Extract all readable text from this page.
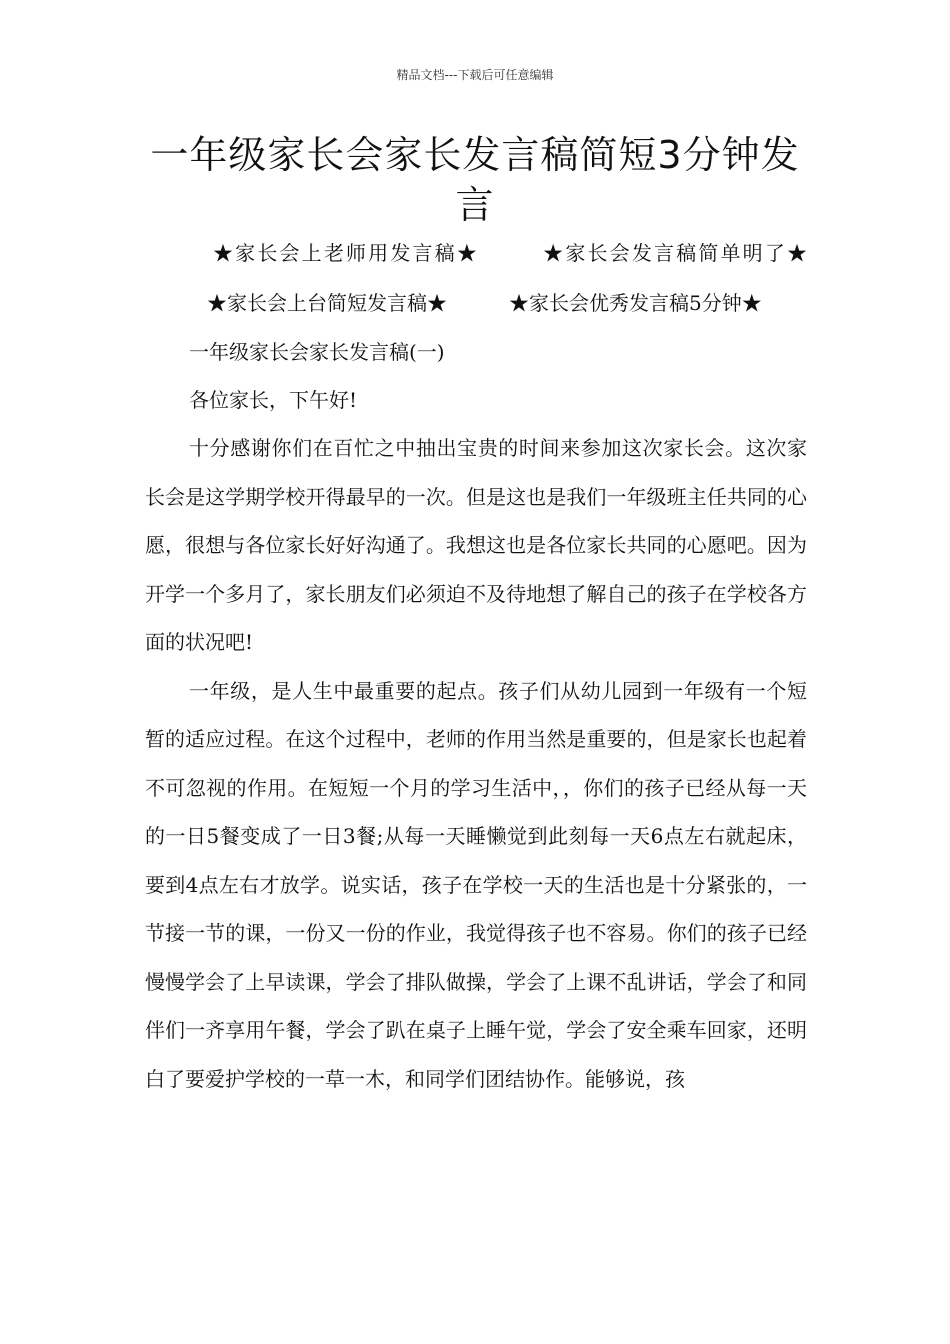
精品文档---下载后可任意编辑
一年级家长会家长发言稿简短3分钟发言
★家长会上老师用发言稿★	★家长会发言稿简单明了★★家长会上台简短发言稿★	★家长会优秀发言稿5分钟★

一年级家长会家长发言稿(一)

各位家长，下午好!

十分感谢你们在百忙之中抽出宝贵的时间来参加这次家长会。这次家长会是这学期学校开得最早的一次。但是这也是我们一年级班主任共同的心愿，很想与各位家长好好沟通了。我想这也是各位家长共同的心愿吧。因为开学一个多月了，家长朋友们必须迫不及待地想了解自己的孩子在学校各方面的状况吧!

一年级，是人生中最重要的起点。孩子们从幼儿园到一年级有一个短暂的适应过程。在这个过程中，老师的作用当然是重要的，但是家长也起着不可忽视的作用。在短短一个月的学习生活中，，你们的孩子已经从每一天的一日5餐变成了一日3餐;从每一天睡懒觉到此刻每一天6点左右就起床，要到4点左右才放学。说实话，孩子在学校一天的生活也是十分紧张的，一节接一节的课，一份又一份的作业，我觉得孩子也不容易。你们的孩子已经慢慢学会了上早读课，学会了排队做操，学会了上课不乱讲话，学会了和同伴们一齐享用午餐，学会了趴在桌子上睡午觉，学会了安全乘车回家，还明白了要爱护学校的一草一木，和同学们团结协作。能够说，孩
